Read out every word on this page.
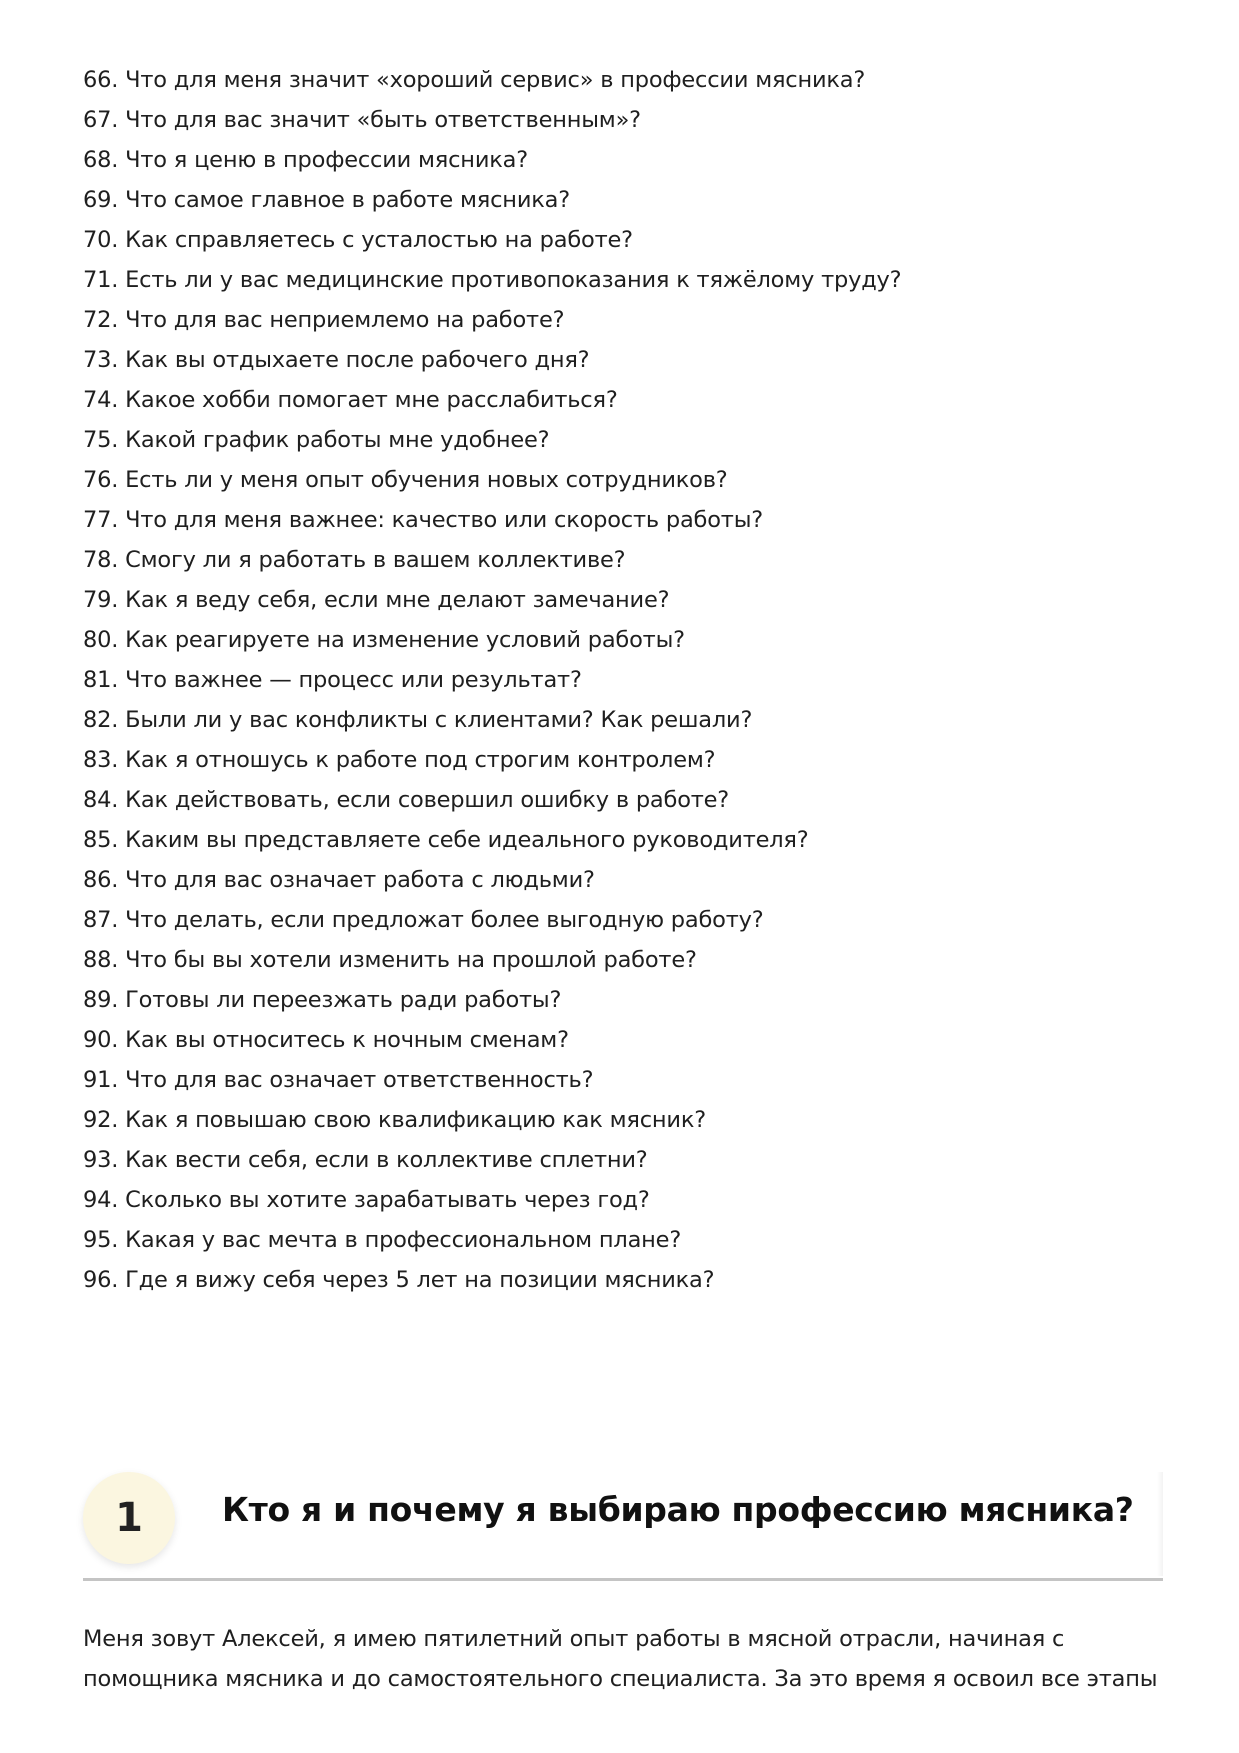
66. Что для меня значит «хороший сервис» в профессии мясника?
67. Что для вас значит «быть ответственным»?
68. Что я ценю в профессии мясника?
69. Что самое главное в работе мясника?
70. Как справляетесь с усталостью на работе?
71. Есть ли у вас медицинские противопоказания к тяжёлому труду?
72. Что для вас неприемлемо на работе?
73. Как вы отдыхаете после рабочего дня?
74. Какое хобби помогает мне расслабиться?
75. Какой график работы мне удобнее?
76. Есть ли у меня опыт обучения новых сотрудников?
77. Что для меня важнее: качество или скорость работы?
78. Смогу ли я работать в вашем коллективе?
79. Как я веду себя, если мне делают замечание?
80. Как реагируете на изменение условий работы?
81. Что важнее — процесс или результат?
82. Были ли у вас конфликты с клиентами? Как решали?
83. Как я отношусь к работе под строгим контролем?
84. Как действовать, если совершил ошибку в работе?
85. Каким вы представляете себе идеального руководителя?
86. Что для вас означает работа с людьми?
87. Что делать, если предложат более выгодную работу?
88. Что бы вы хотели изменить на прошлой работе?
89. Готовы ли переезжать ради работы?
90. Как вы относитесь к ночным сменам?
91. Что для вас означает ответственность?
92. Как я повышаю свою квалификацию как мясник?
93. Как вести себя, если в коллективе сплетни?
94. Сколько вы хотите зарабатывать через год?
95. Какая у вас мечта в профессиональном плане?
96. Где я вижу себя через 5 лет на позиции мясника?
1	Кто я и почему я выбираю профессию мясника?

Меня зовут Алексей, я имею пятилетний опыт работы в мясной отрасли, начиная с
помощника мясника и до самостоятельного специалиста. За это время я освоил все этапы
